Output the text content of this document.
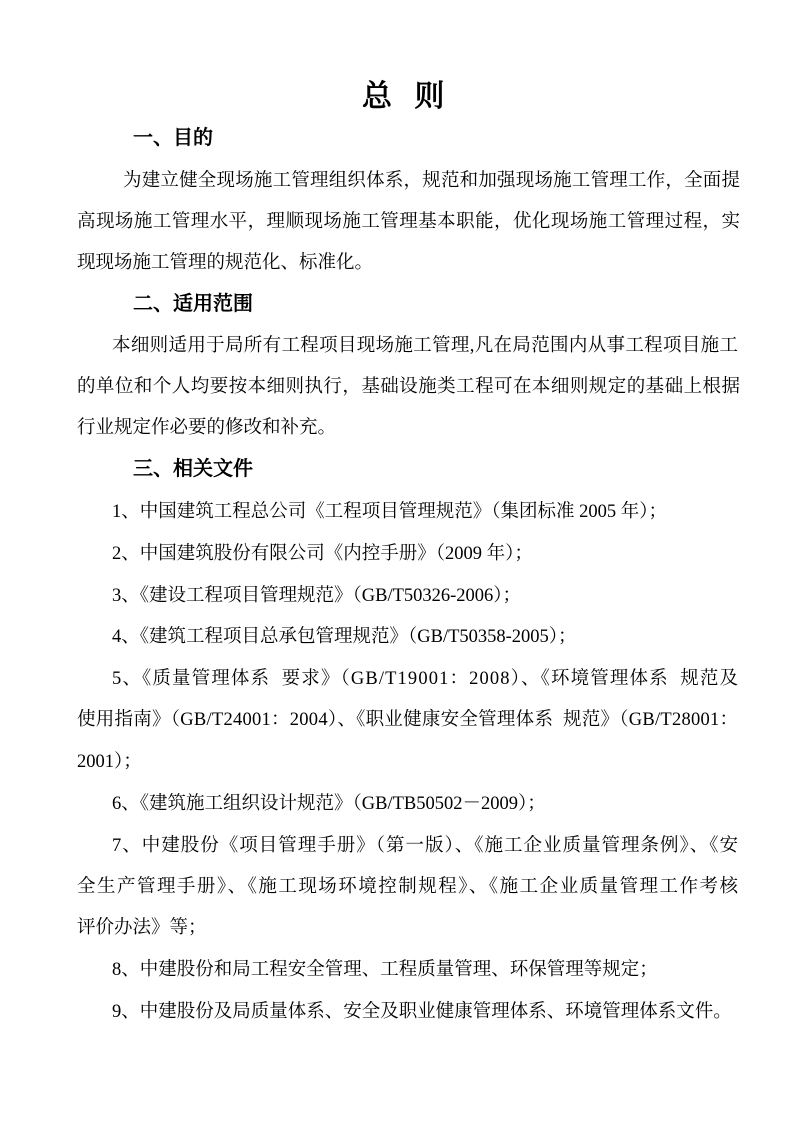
总 则
一、目的
为建立健全现场施工管理组织体系，规范和加强现场施工管理工作，全面提
高现场施工管理水平，理顺现场施工管理基本职能，优化现场施工管理过程，实
现现场施工管理的规范化、标准化。
二、适用范围
本细则适用于局所有工程项目现场施工管理,凡在局范围内从事工程项目施工
的单位和个人均要按本细则执行，基础设施类工程可在本细则规定的基础上根据
行业规定作必要的修改和补充。
三、相关文件
1、中国建筑工程总公司《工程项目管理规范》（集团标准 2005 年）；
2、中国建筑股份有限公司《内控手册》（2009 年）；
3、《建设工程项目管理规范》（GB/T50326-2006）；
4、《建筑工程项目总承包管理规范》（GB/T50358-2005）；
5、《质量管理体系  要求》（GB/T19001：2008）、《环境管理体系  规范及
使用指南》（GB/T24001：2004）、《职业健康安全管理体系  规范》（GB/T28001：
2001）；
6、《建筑施工组织设计规范》（GB/TB50502－2009）；
7、中建股份《项目管理手册》（第一版）、《施工企业质量管理条例》、《安
全生产管理手册》、《施工现场环境控制规程》、《施工企业质量管理工作考核
评价办法》等；
8、中建股份和局工程安全管理、工程质量管理、环保管理等规定；
9、中建股份及局质量体系、安全及职业健康管理体系、环境管理体系文件。
